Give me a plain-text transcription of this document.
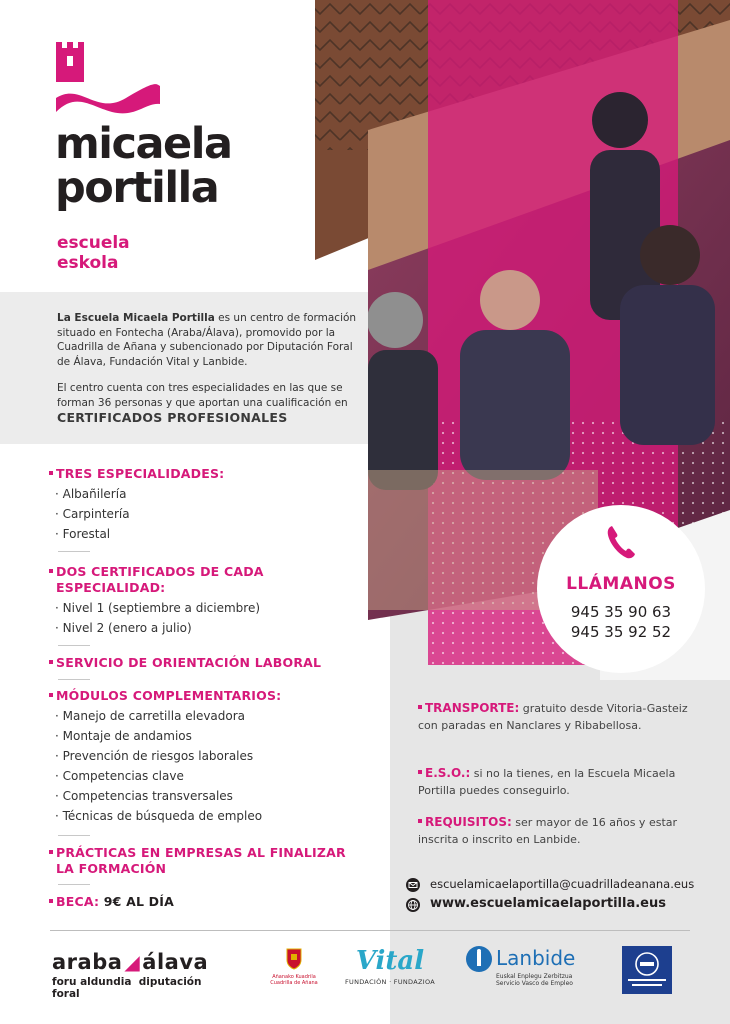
micaela
portilla
escuela
eskola

La Escuela Micaela Portilla es un centro de formación situado en Fontecha (Araba/Álava), promovido por la Cuadrilla de Añana y subencionado por Diputación Foral de Álava, Fundación Vital y Lanbide.

El centro cuenta con tres especialidades en las que se forman 36 personas y que aportan una cualificación en

CERTIFICADOS PROFESIONALES

TRES ESPECIALIDADES:
· Albañilería
· Carpintería
· Forestal
DOS CERTIFICADOS DE CADA
ESPECIALIDAD:
· Nivel 1 (septiembre a diciembre)
· Nivel 2 (enero a julio)
SERVICIO DE ORIENTACIÓN LABORAL
MÓDULOS COMPLEMENTARIOS:
· Manejo de carretilla elevadora
· Montaje de andamios
· Prevención de riesgos laborales
· Competencias clave
· Competencias transversales
· Técnicas de búsqueda de empleo
PRÁCTICAS EN EMPRESAS AL FINALIZAR
LA FORMACIÓN
BECA: 9€ AL DÍA
LLÁMANOS
945 35 90 63
945 35 92 52
TRANSPORTE: gratuito desde Vitoria-Gasteiz con paradas en Nanclares y Ribabellosa.
E.S.O.: si no la tienes, en la Escuela Micaela Portilla puedes conseguirlo.
REQUISITOS: ser mayor de 16 años y estar inscrita o inscrito en Lanbide.
escuelamicaelaportilla@cuadrilladeanana.eus
www.escuelamicaelaportilla.eus
araba ◢álava
foru aldundia diputación foral
Añanako Kuadrila
Cuadrilla de Añana
Vital
FUNDACIÓN · FUNDAZIOA
Lanbide
Euskal Enplegu Zerbitzua
Servicio Vasco de Empleo
